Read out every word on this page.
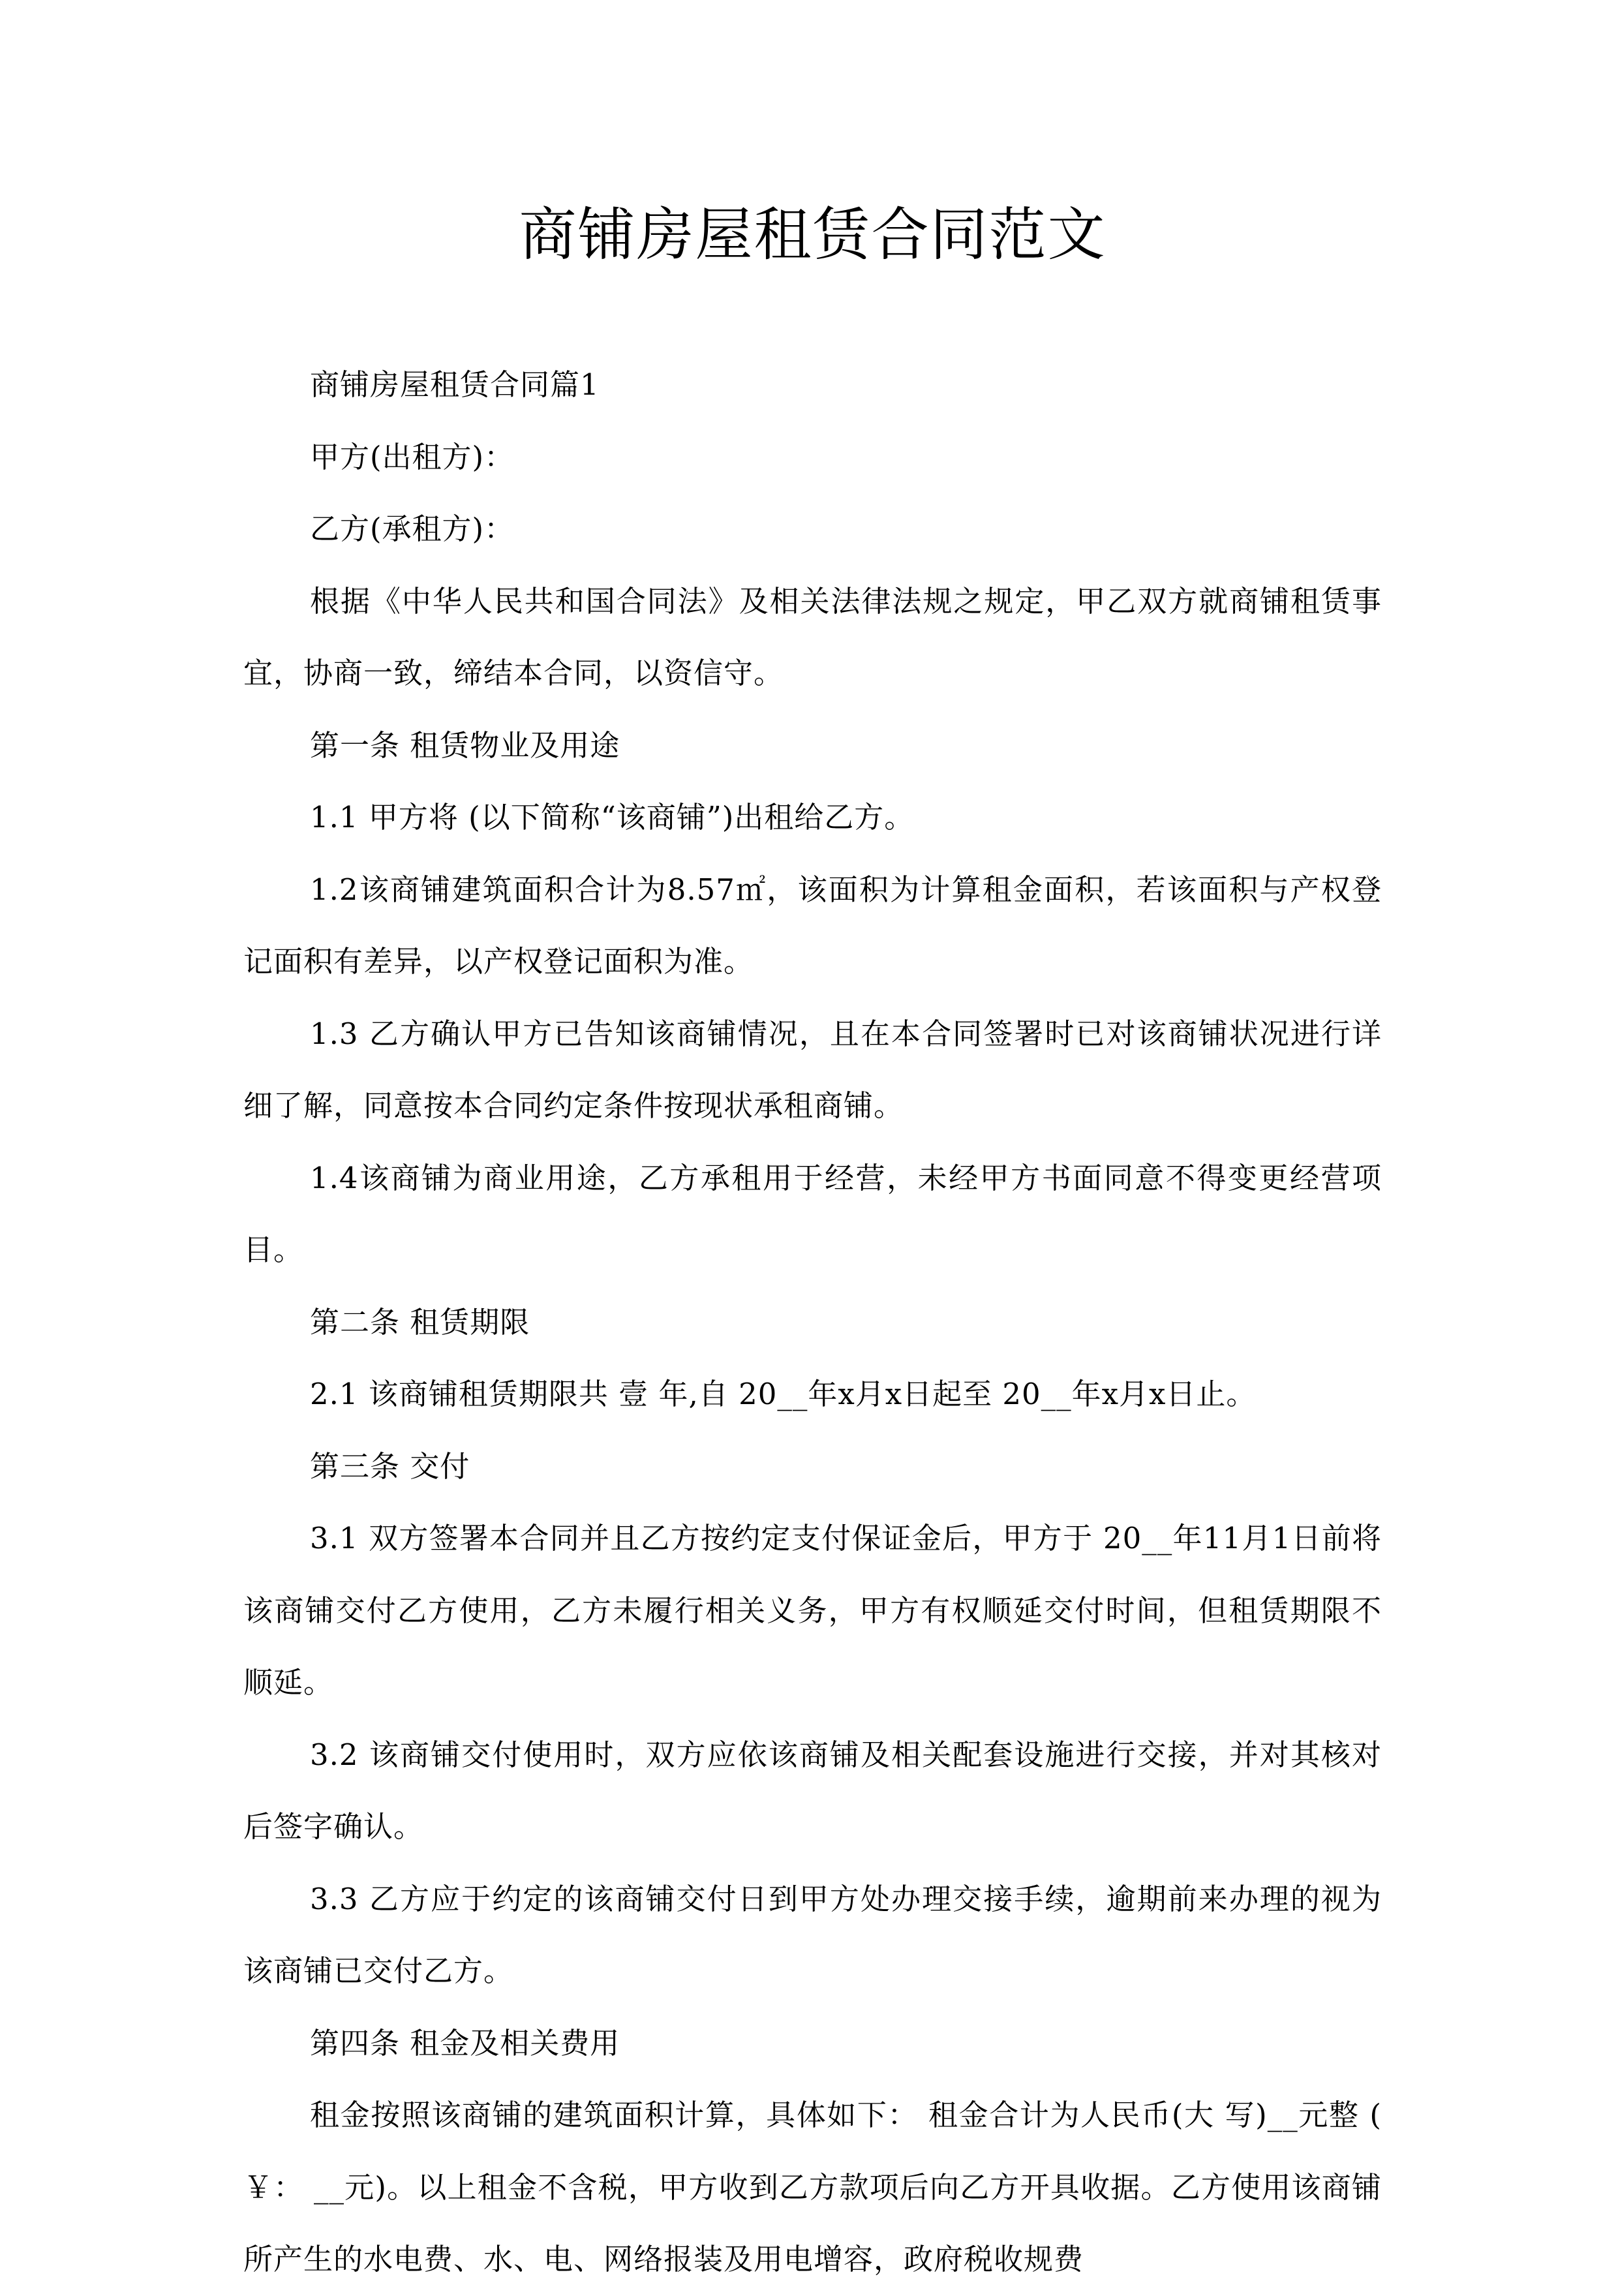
商铺房屋租赁合同范文

商铺房屋租赁合同篇1

甲方(出租方)：

乙方(承租方)：

根据《中华人民共和国合同法》及相关法律法规之规定，甲乙双方就商铺租赁事宜，协商一致，缔结本合同，以资信守。

第一条 租赁物业及用途

1.1 甲方将 (以下简称“该商铺”)出租给乙方。

1.2该商铺建筑面积合计为8.57㎡，该面积为计算租金面积，若该面积与产权登记面积有差异，以产权登记面积为准。

1.3 乙方确认甲方已告知该商铺情况，且在本合同签署时已对该商铺状况进行详细了解，同意按本合同约定条件按现状承租商铺。

1.4该商铺为商业用途，乙方承租用于经营，未经甲方书面同意不得变更经营项目。

第二条 租赁期限

2.1 该商铺租赁期限共 壹 年,自 20__年x月x日起至 20__年x月x日止。

第三条 交付

3.1 双方签署本合同并且乙方按约定支付保证金后，甲方于 20__年11月1日前将该商铺交付乙方使用，乙方未履行相关义务，甲方有权顺延交付时间，但租赁期限不顺延。

3.2 该商铺交付使用时，双方应依该商铺及相关配套设施进行交接，并对其核对后签字确认。

3.3 乙方应于约定的该商铺交付日到甲方处办理交接手续，逾期前来办理的视为该商铺已交付乙方。

第四条 租金及相关费用

租金按照该商铺的建筑面积计算，具体如下： 租金合计为人民币(大 写)__元整 ( ￥： __元)。以上租金不含税，甲方收到乙方款项后向乙方开具收据。乙方使用该商铺所产生的水电费、水、电、网络报装及用电增容，政府税收规费
